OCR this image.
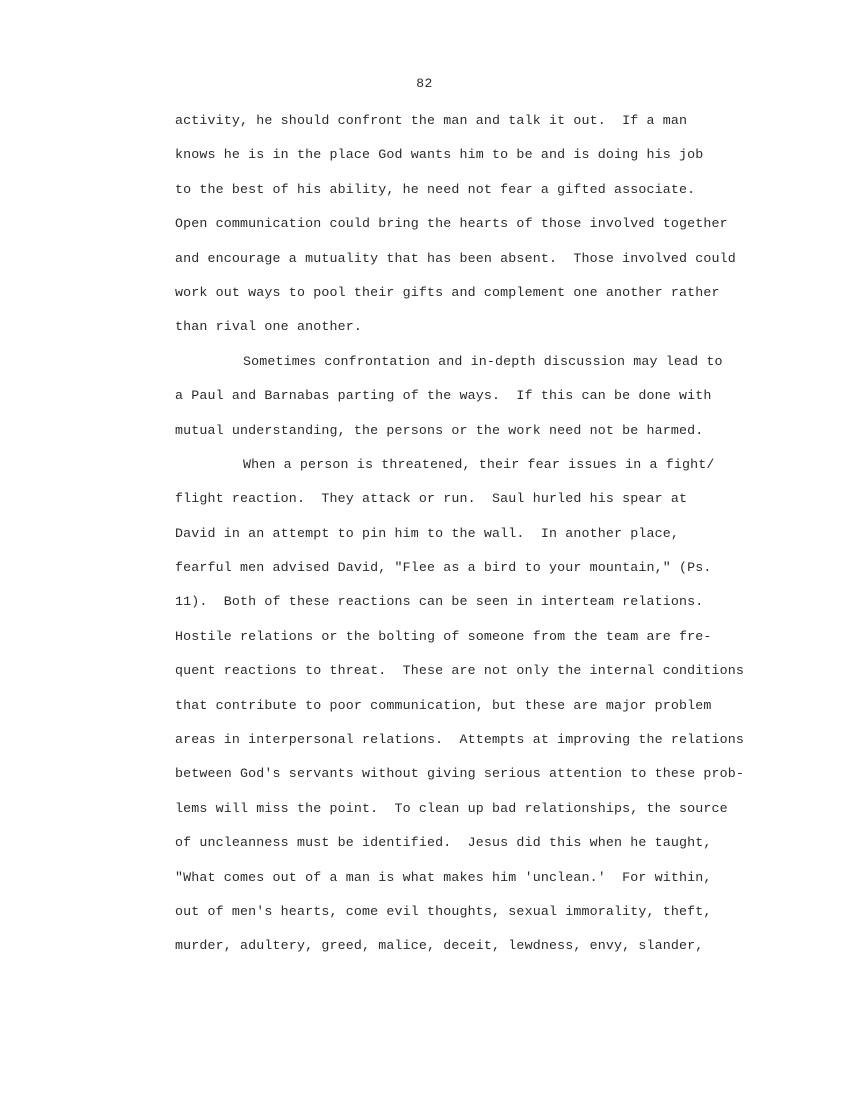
82
activity, he should confront the man and talk it out.  If a man
knows he is in the place God wants him to be and is doing his job
to the best of his ability, he need not fear a gifted associate.
Open communication could bring the hearts of those involved together
and encourage a mutuality that has been absent.  Those involved could
work out ways to pool their gifts and complement one another rather
than rival one another.
Sometimes confrontation and in-depth discussion may lead to
a Paul and Barnabas parting of the ways.  If this can be done with
mutual understanding, the persons or the work need not be harmed.
When a person is threatened, their fear issues in a fight/
flight reaction.  They attack or run.  Saul hurled his spear at
David in an attempt to pin him to the wall.  In another place,
fearful men advised David, "Flee as a bird to your mountain," (Ps.
11).  Both of these reactions can be seen in interteam relations.
Hostile relations or the bolting of someone from the team are fre-
quent reactions to threat.  These are not only the internal conditions
that contribute to poor communication, but these are major problem
areas in interpersonal relations.  Attempts at improving the relations
between God's servants without giving serious attention to these prob-
lems will miss the point.  To clean up bad relationships, the source
of uncleanness must be identified.  Jesus did this when he taught,
"What comes out of a man is what makes him 'unclean.'  For within,
out of men's hearts, come evil thoughts, sexual immorality, theft,
murder, adultery, greed, malice, deceit, lewdness, envy, slander,
